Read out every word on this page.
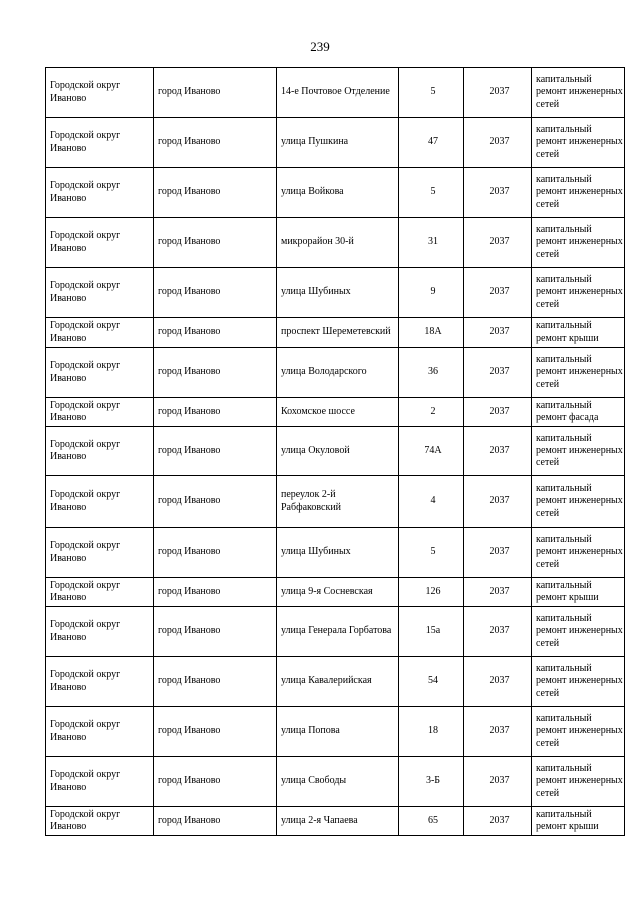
239
Городской округ Иваново	город Иваново	14-е Почтовое Отделение	5	2037	капитальный ремонт инженерных сетей
Городской округ Иваново	город Иваново	улица Пушкина	47	2037	капитальный ремонт инженерных сетей
Городской округ Иваново	город Иваново	улица Войкова	5	2037	капитальный ремонт инженерных сетей
Городской округ Иваново	город Иваново	микрорайон 30-й	31	2037	капитальный ремонт инженерных сетей
Городской округ Иваново	город Иваново	улица Шубиных	9	2037	капитальный ремонт инженерных сетей
Городской округ Иваново	город Иваново	проспект Шереметевский	18А	2037	капитальный ремонт крыши
Городской округ Иваново	город Иваново	улица Володарского	36	2037	капитальный ремонт инженерных сетей
Городской округ Иваново	город Иваново	Кохомское шоссе	2	2037	капитальный ремонт фасада
Городской округ Иваново	город Иваново	улица Окуловой	74А	2037	капитальный ремонт инженерных сетей
Городской округ Иваново	город Иваново	переулок 2-й Рабфаковский	4	2037	капитальный ремонт инженерных сетей
Городской округ Иваново	город Иваново	улица Шубиных	5	2037	капитальный ремонт инженерных сетей
Городской округ Иваново	город Иваново	улица 9-я Сосневская	126	2037	капитальный ремонт крыши
Городской округ Иваново	город Иваново	улица Генерала Горбатова	15а	2037	капитальный ремонт инженерных сетей
Городской округ Иваново	город Иваново	улица Кавалерийская	54	2037	капитальный ремонт инженерных сетей
Городской округ Иваново	город Иваново	улица Попова	18	2037	капитальный ремонт инженерных сетей
Городской округ Иваново	город Иваново	улица Свободы	3-Б	2037	капитальный ремонт инженерных сетей
Городской округ Иваново	город Иваново	улица 2-я Чапаева	65	2037	капитальный ремонт крыши
